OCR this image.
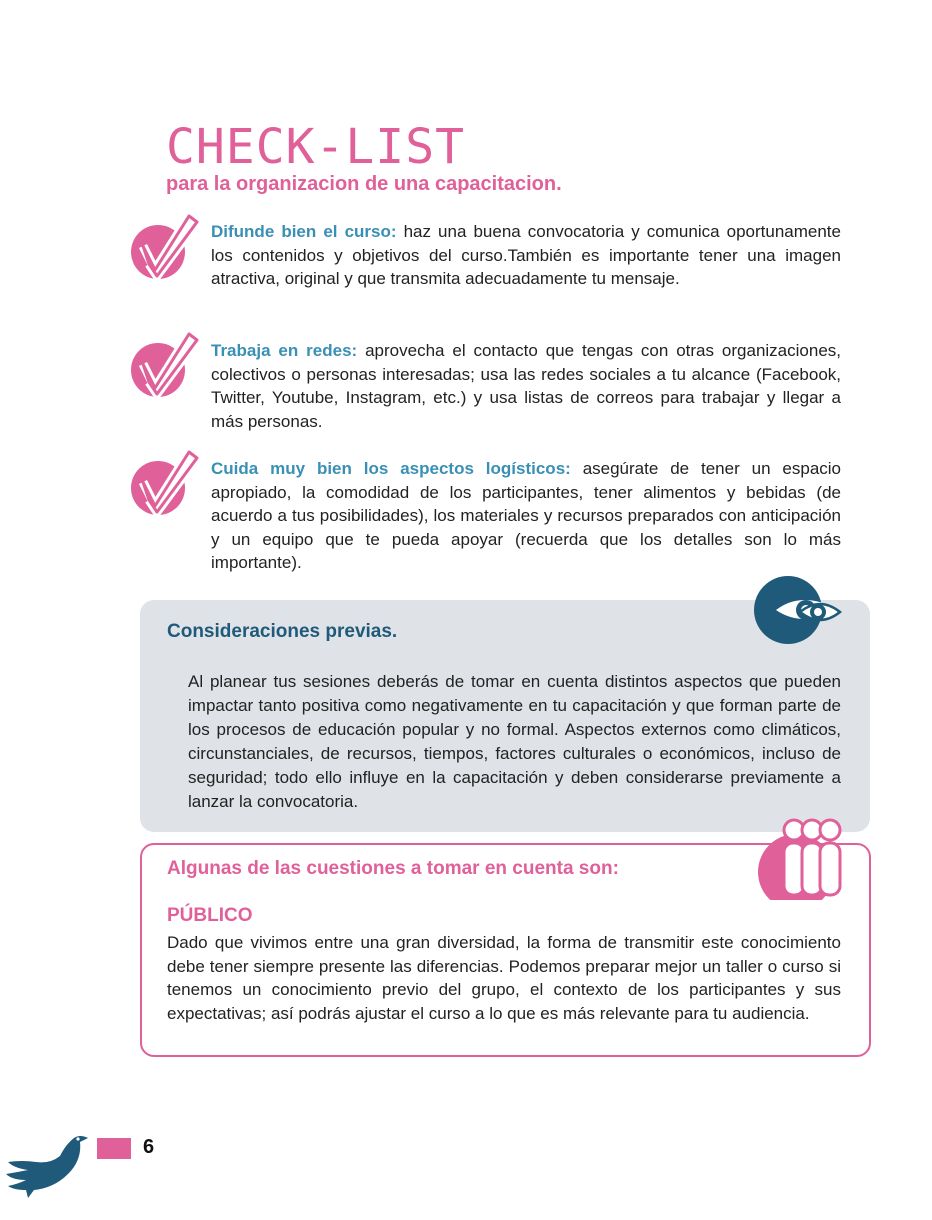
CHECK-LIST
para la organizacion de una capacitacion.
Difunde bien el curso: haz una buena convocatoria y comunica oportunamente los contenidos y objetivos del curso.También es importante tener una imagen atractiva, original y que transmita adecuadamente tu mensaje.
Trabaja en redes: aprovecha el contacto que tengas con otras organizaciones, colectivos o personas interesadas; usa las redes sociales a tu alcance (Facebook, Twitter, Youtube, Instagram, etc.) y usa listas de correos para trabajar y llegar a más personas.
Cuida muy bien los aspectos logísticos: asegúrate de tener un espacio apropiado, la comodidad de los participantes, tener alimentos y bebidas (de acuerdo a tus posibilidades), los materiales y recursos preparados con anticipación y un equipo que te pueda apoyar (recuerda que los detalles son lo más importante).
Consideraciones previas.

Al planear tus sesiones deberás de tomar en cuenta distintos aspectos que pueden impactar tanto positiva como negativamente en tu capacitación y que forman parte de los procesos de educación popular y no formal. Aspectos externos como climáticos, circunstanciales, de recursos, tiempos, factores culturales o económicos, incluso de seguridad; todo ello influye en la capacitación y deben considerarse previamente a lanzar la convocatoria.

Algunas de las cuestiones a tomar en cuenta son:
PÚBLICO

Dado que vivimos entre una gran diversidad, la forma de transmitir este conocimiento debe tener siempre presente las diferencias. Podemos preparar mejor un taller o curso si tenemos un conocimiento previo del grupo, el contexto de los participantes y sus expectativas; así podrás ajustar el curso a lo que es más relevante para tu audiencia.

6
